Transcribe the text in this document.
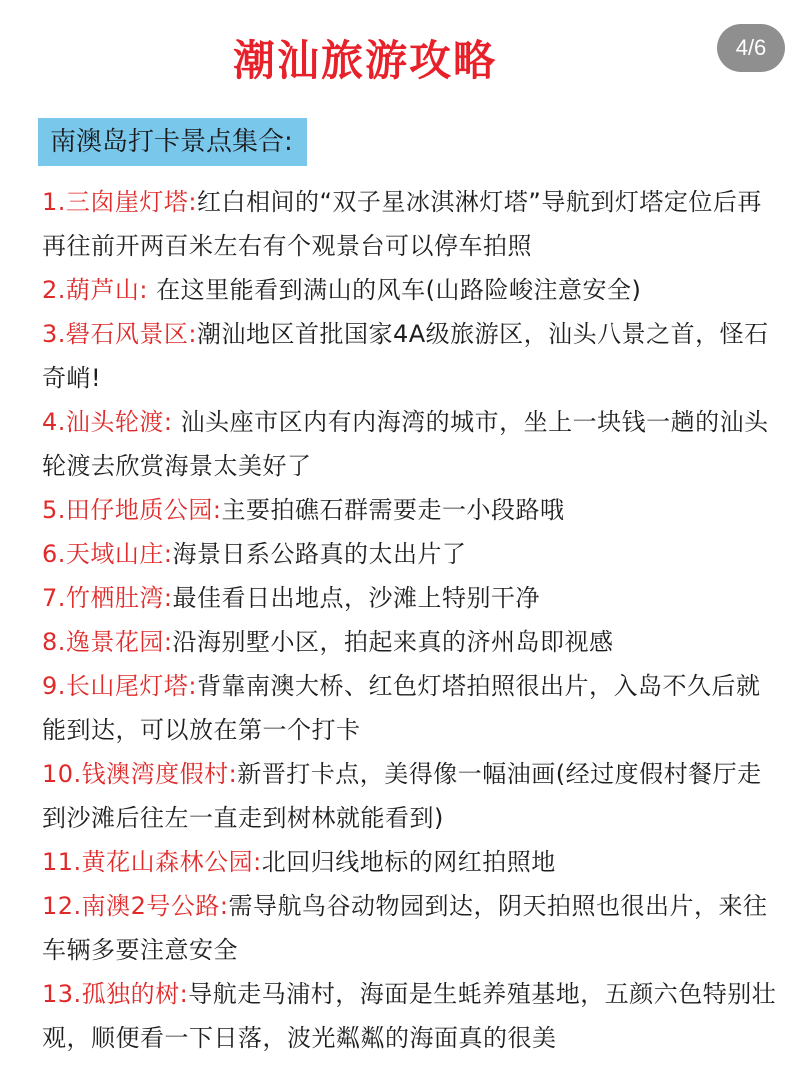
潮汕旅游攻略	4/6
南澳岛打卡景点集合:
1.三囱崖灯塔:红白相间的“双子星冰淇淋灯塔”导航到灯塔定位后再再往前开两百米左右有个观景台可以停车拍照
2.葫芦山: 在这里能看到满山的风车(山路险峻注意安全)
3.礐石风景区:潮汕地区首批国家4A级旅游区，汕头八景之首，怪石奇峭!
4.汕头轮渡: 汕头座市区内有内海湾的城市，坐上一块钱一趟的汕头轮渡去欣赏海景太美好了
5.田仔地质公园:主要拍礁石群需要走一小段路哦
6.天域山庄:海景日系公路真的太出片了
7.竹栖肚湾:最佳看日出地点，沙滩上特别干净
8.逸景花园:沿海别墅小区，拍起来真的济州岛即视感
9.长山尾灯塔:背靠南澳大桥、红色灯塔拍照很出片，入岛不久后就能到达，可以放在第一个打卡
10.钱澳湾度假村:新晋打卡点，美得像一幅油画(经过度假村餐厅走到沙滩后往左一直走到树林就能看到)
11.黄花山森林公园:北回归线地标的网红拍照地
12.南澳2号公路:需导航鸟谷动物园到达，阴天拍照也很出片，来往车辆多要注意安全
13.孤独的树:导航走马浦村，海面是生蚝养殖基地，五颜六色特别壮观，顺便看一下日落，波光粼粼的海面真的很美
